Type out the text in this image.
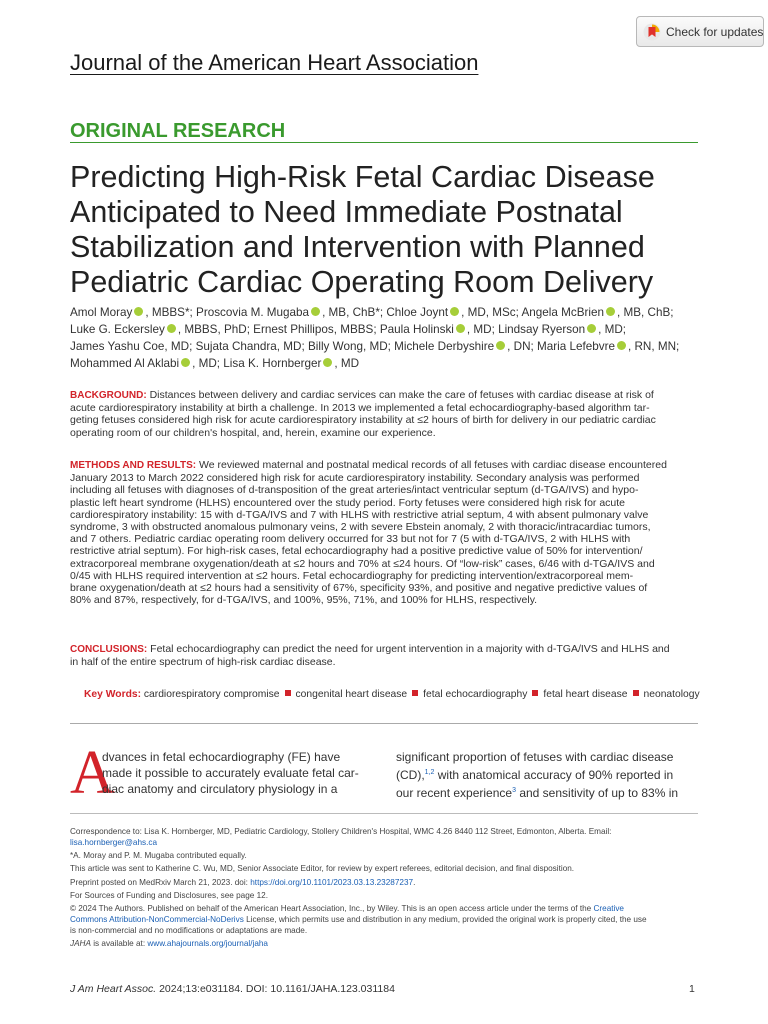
Check for updates
Journal of the American Heart Association
ORIGINAL RESEARCH
Predicting High-Risk Fetal Cardiac Disease
Anticipated to Need Immediate Postnatal
Stabilization and Intervention with Planned
Pediatric Cardiac Operating Room Delivery
Amol Moray , MBBS*; Proscovia M. Mugaba , MB, ChB*; Chloe Joynt , MD, MSc; Angela McBrien , MB, ChB;
Luke G. Eckersley , MBBS, PhD; Ernest Phillipos, MBBS; Paula Holinski , MD; Lindsay Ryerson , MD;
James Yashu Coe, MD; Sujata Chandra, MD; Billy Wong, MD; Michele Derbyshire , DN; Maria Lefebvre , RN, MN;
Mohammed Al Aklabi , MD; Lisa K. Hornberger , MD
BACKGROUND: Distances between delivery and cardiac services can make the care of fetuses with cardiac disease at risk of
acute cardiorespiratory instability at birth a challenge. In 2013 we implemented a fetal echocardiography-based algorithm tar-
geting fetuses considered high risk for acute cardiorespiratory instability at ≤2 hours of birth for delivery in our pediatric cardiac
operating room of our children's hospital, and, herein, examine our experience.
METHODS AND RESULTS: We reviewed maternal and postnatal medical records of all fetuses with cardiac disease encountered
January 2013 to March 2022 considered high risk for acute cardiorespiratory instability. Secondary analysis was performed
including all fetuses with diagnoses of d-transposition of the great arteries/intact ventricular septum (d-TGA/IVS) and hypo-
plastic left heart syndrome (HLHS) encountered over the study period. Forty fetuses were considered high risk for acute
cardiorespiratory instability: 15 with d-TGA/IVS and 7 with HLHS with restrictive atrial septum, 4 with absent pulmonary valve
syndrome, 3 with obstructed anomalous pulmonary veins, 2 with severe Ebstein anomaly, 2 with thoracic/intracardiac tumors,
and 7 others. Pediatric cardiac operating room delivery occurred for 33 but not for 7 (5 with d-TGA/IVS, 2 with HLHS with
restrictive atrial septum). For high-risk cases, fetal echocardiography had a positive predictive value of 50% for intervention/
extracorporeal membrane oxygenation/death at ≤2 hours and 70% at ≤24 hours. Of “low-risk” cases, 6/46 with d-TGA/IVS and
0/45 with HLHS required intervention at ≤2 hours. Fetal echocardiography for predicting intervention/extracorporeal mem-
brane oxygenation/death at ≤2 hours had a sensitivity of 67%, specificity 93%, and positive and negative predictive values of
80% and 87%, respectively, for d-TGA/IVS, and 100%, 95%, 71%, and 100% for HLHS, respectively.
CONCLUSIONS: Fetal echocardiography can predict the need for urgent intervention in a majority with d-TGA/IVS and HLHS and
in half of the entire spectrum of high-risk cardiac disease.
Key Words: cardiorespiratory compromise congenital heart disease fetal echocardiography fetal heart disease neonatology
A
dvances in fetal echocardiography (FE) have
made it possible to accurately evaluate fetal car-
diac anatomy and circulatory physiology in a
significant proportion of fetuses with cardiac disease
(CD),$^{1,2}$ with anatomical accuracy of 90% reported in
our recent experience$^3$ and sensitivity of up to 83% in

Correspondence to: Lisa K. Hornberger, MD, Pediatric Cardiology, Stollery Children's Hospital, WMC 4.26 8440 112 Street, Edmonton, Alberta. Email:
lisa.hornberger@ahs.ca

*A. Moray and P. M. Mugaba contributed equally.

This article was sent to Katherine C. Wu, MD, Senior Associate Editor, for review by expert referees, editorial decision, and final disposition.

Preprint posted on MedRxiv March 21, 2023. doi: https://doi.org/10.1101/2023.03.13.23287237.

For Sources of Funding and Disclosures, see page 12.

© 2024 The Authors. Published on behalf of the American Heart Association, Inc., by Wiley. This is an open access article under the terms of the Creative
Commons Attribution-NonCommercial-NoDerivs License, which permits use and distribution in any medium, provided the original work is properly cited, the use
is non-commercial and no modifications or adaptations are made.

JAHA is available at: www.ahajournals.org/journal/jaha

J Am Heart Assoc. 2024;13:e031184. DOI: 10.1161/JAHA.123.031184	1
